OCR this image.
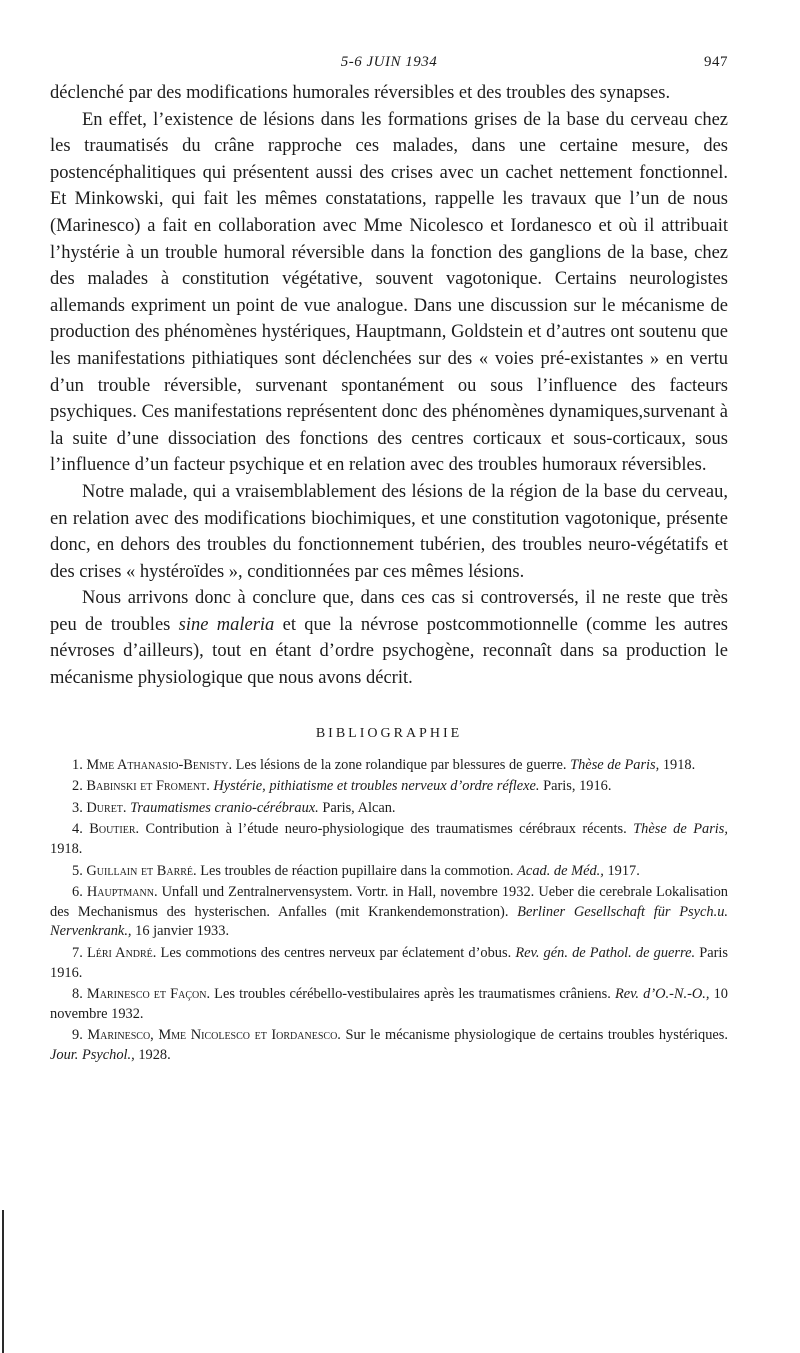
5-6 JUIN 1934	947

déclenché par des modifications humorales réversibles et des troubles des synapses.

En effet, l’existence de lésions dans les formations grises de la base du cerveau chez les traumatisés du crâne rapproche ces malades, dans une certaine mesure, des postencéphalitiques qui présentent aussi des crises avec un cachet nettement fonctionnel. Et Minkowski, qui fait les mêmes constatations, rappelle les travaux que l’un de nous (Marinesco) a fait en collaboration avec Mme Nicolesco et Iordanesco et où il attribuait l’hystérie à un trouble humoral réversible dans la fonction des ganglions de la base, chez des malades à constitution végétative, souvent vagotonique. Certains neurologistes allemands expriment un point de vue analogue. Dans une discussion sur le mécanisme de production des phénomènes hystériques, Hauptmann, Goldstein et d’autres ont soutenu que les manifestations pithiatiques sont déclenchées sur des « voies pré-existantes » en vertu d’un trouble réversible, survenant spontanément ou sous l’influence des facteurs psychiques. Ces manifestations représentent donc des phénomènes dynamiques,survenant à la suite d’une dissociation des fonctions des centres corticaux et sous-corticaux, sous l’influence d’un facteur psychique et en relation avec des troubles humoraux réversibles.

Notre malade, qui a vraisemblablement des lésions de la région de la base du cerveau, en relation avec des modifications biochimiques, et une constitution vagotonique, présente donc, en dehors des troubles du fonctionnement tubérien, des troubles neuro-végétatifs et des crises « hystéroïdes », conditionnées par ces mêmes lésions.

Nous arrivons donc à conclure que, dans ces cas si controversés, il ne reste que très peu de troubles sine maleria et que la névrose postcommotionnelle (comme les autres névroses d’ailleurs), tout en étant d’ordre psychogène, reconnaît dans sa production le mécanisme physiologique que nous avons décrit.

BIBLIOGRAPHIE

1. Mme Athanasio-Benisty. Les lésions de la zone rolandique par blessures de guerre. Thèse de Paris, 1918.

2. Babinski et Froment. Hystérie, pithiatisme et troubles nerveux d’ordre réflexe. Paris, 1916.

3. Duret. Traumatismes cranio-cérébraux. Paris, Alcan.

4. Boutier. Contribution à l’étude neuro-physiologique des traumatismes cérébraux récents. Thèse de Paris, 1918.

5. Guillain et Barré. Les troubles de réaction pupillaire dans la commotion. Acad. de Méd., 1917.

6. Hauptmann. Unfall und Zentralnervensystem. Vortr. in Hall, novembre 1932. Ueber die cerebrale Lokalisation des Mechanismus des hysterischen. Anfalles (mit Krankendemonstration). Berliner Gesellschaft für Psych.u. Nervenkrank., 16 janvier 1933.

7. Léri André. Les commotions des centres nerveux par éclatement d’obus. Rev. gén. de Pathol. de guerre. Paris 1916.

8. Marinesco et Façon. Les troubles cérébello-vestibulaires après les traumatismes crâniens. Rev. d’O.-N.-O., 10 novembre 1932.

9. Marinesco, Mme Nicolesco et Iordanesco. Sur le mécanisme physiologique de certains troubles hystériques. Jour. Psychol., 1928.
